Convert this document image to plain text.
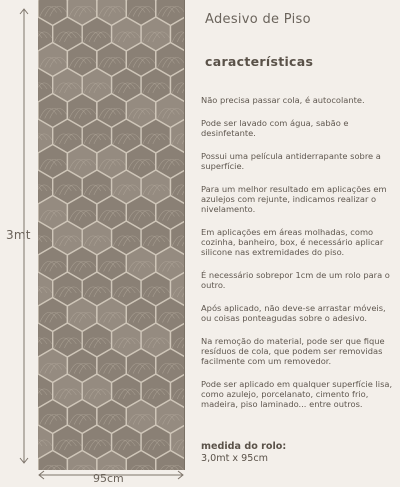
3mt
95cm
Adesivo de Piso
características
Não precisa passar cola, é autocolante.
Pode ser lavado com água, sabão e desinfetante.
Possui uma película antiderrapante sobre a superfície.
Para um melhor resultado em aplicações em azulejos com rejunte, indicamos realizar o nivelamento.
Em aplicações em áreas molhadas, como cozinha, banheiro, box, é necessário aplicar silicone nas extremidades do piso.
É necessário sobrepor 1cm de um rolo para o outro.
Após aplicado, não deve-se arrastar móveis, ou coisas ponteagudas sobre o adesivo.
Na remoção do material, pode ser que fique resíduos de cola, que podem ser removidas facilmente com um removedor.
Pode ser aplicado em qualquer superfície lisa, como azulejo, porcelanato, cimento frio, madeira, piso laminado... entre outros.
medida do rolo:
3,0mt x 95cm
